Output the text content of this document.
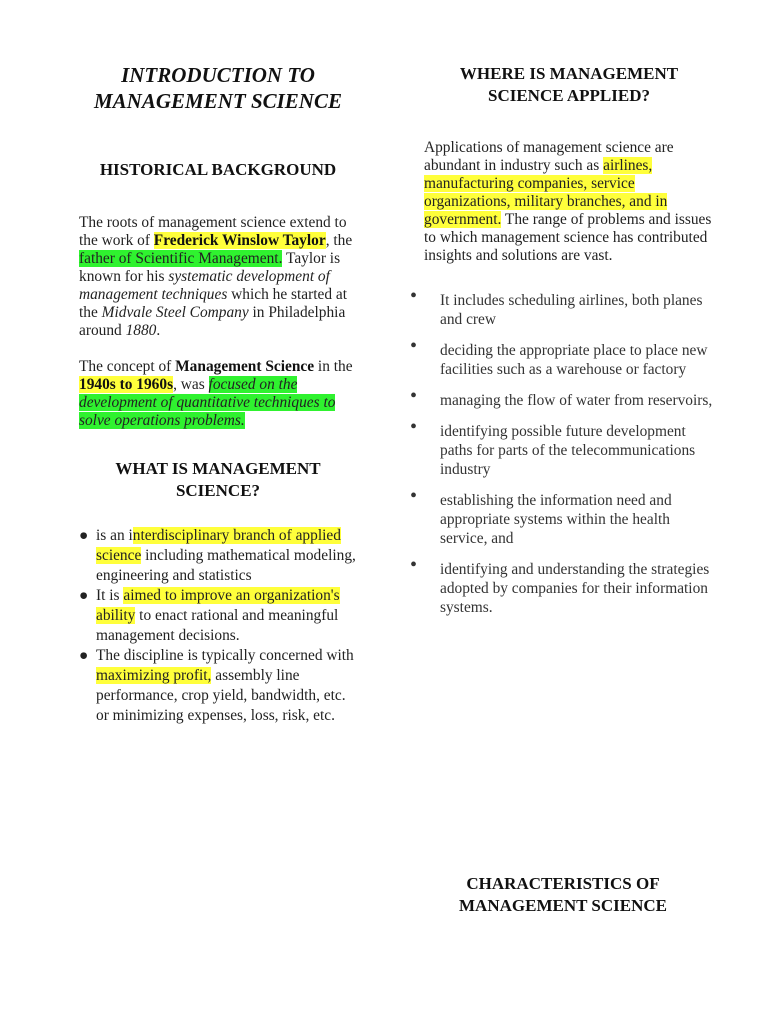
INTRODUCTION TO MANAGEMENT SCIENCE
HISTORICAL BACKGROUND

The roots of management science extend to the work of Frederick Winslow Taylor, the father of Scientific Management. Taylor is known for his systematic development of management techniques which he started at the Midvale Steel Company in Philadelphia around 1880.

The concept of Management Science in the 1940s to 1960s, was focused on the development of quantitative techniques to solve operations problems.

WHAT IS MANAGEMENT SCIENCE?
● is an interdisciplinary branch of applied science including mathematical modeling, engineering and statistics
● It is aimed to improve an organization's ability to enact rational and meaningful management decisions.
● The discipline is typically concerned with maximizing profit, assembly line performance, crop yield, bandwidth, etc. or minimizing expenses, loss, risk, etc.
WHERE IS MANAGEMENT SCIENCE APPLIED?

Applications of management science are abundant in industry such as airlines, manufacturing companies, service organizations, military branches, and in government. The range of problems and issues to which management science has contributed insights and solutions are vast.

• It includes scheduling airlines, both planes and crew
• deciding the appropriate place to place new facilities such as a warehouse or factory
• managing the flow of water from reservoirs,
• identifying possible future development paths for parts of the telecommunications industry
• establishing the information need and appropriate systems within the health service, and
• identifying and understanding the strategies adopted by companies for their information systems.
CHARACTERISTICS OF MANAGEMENT SCIENCE
